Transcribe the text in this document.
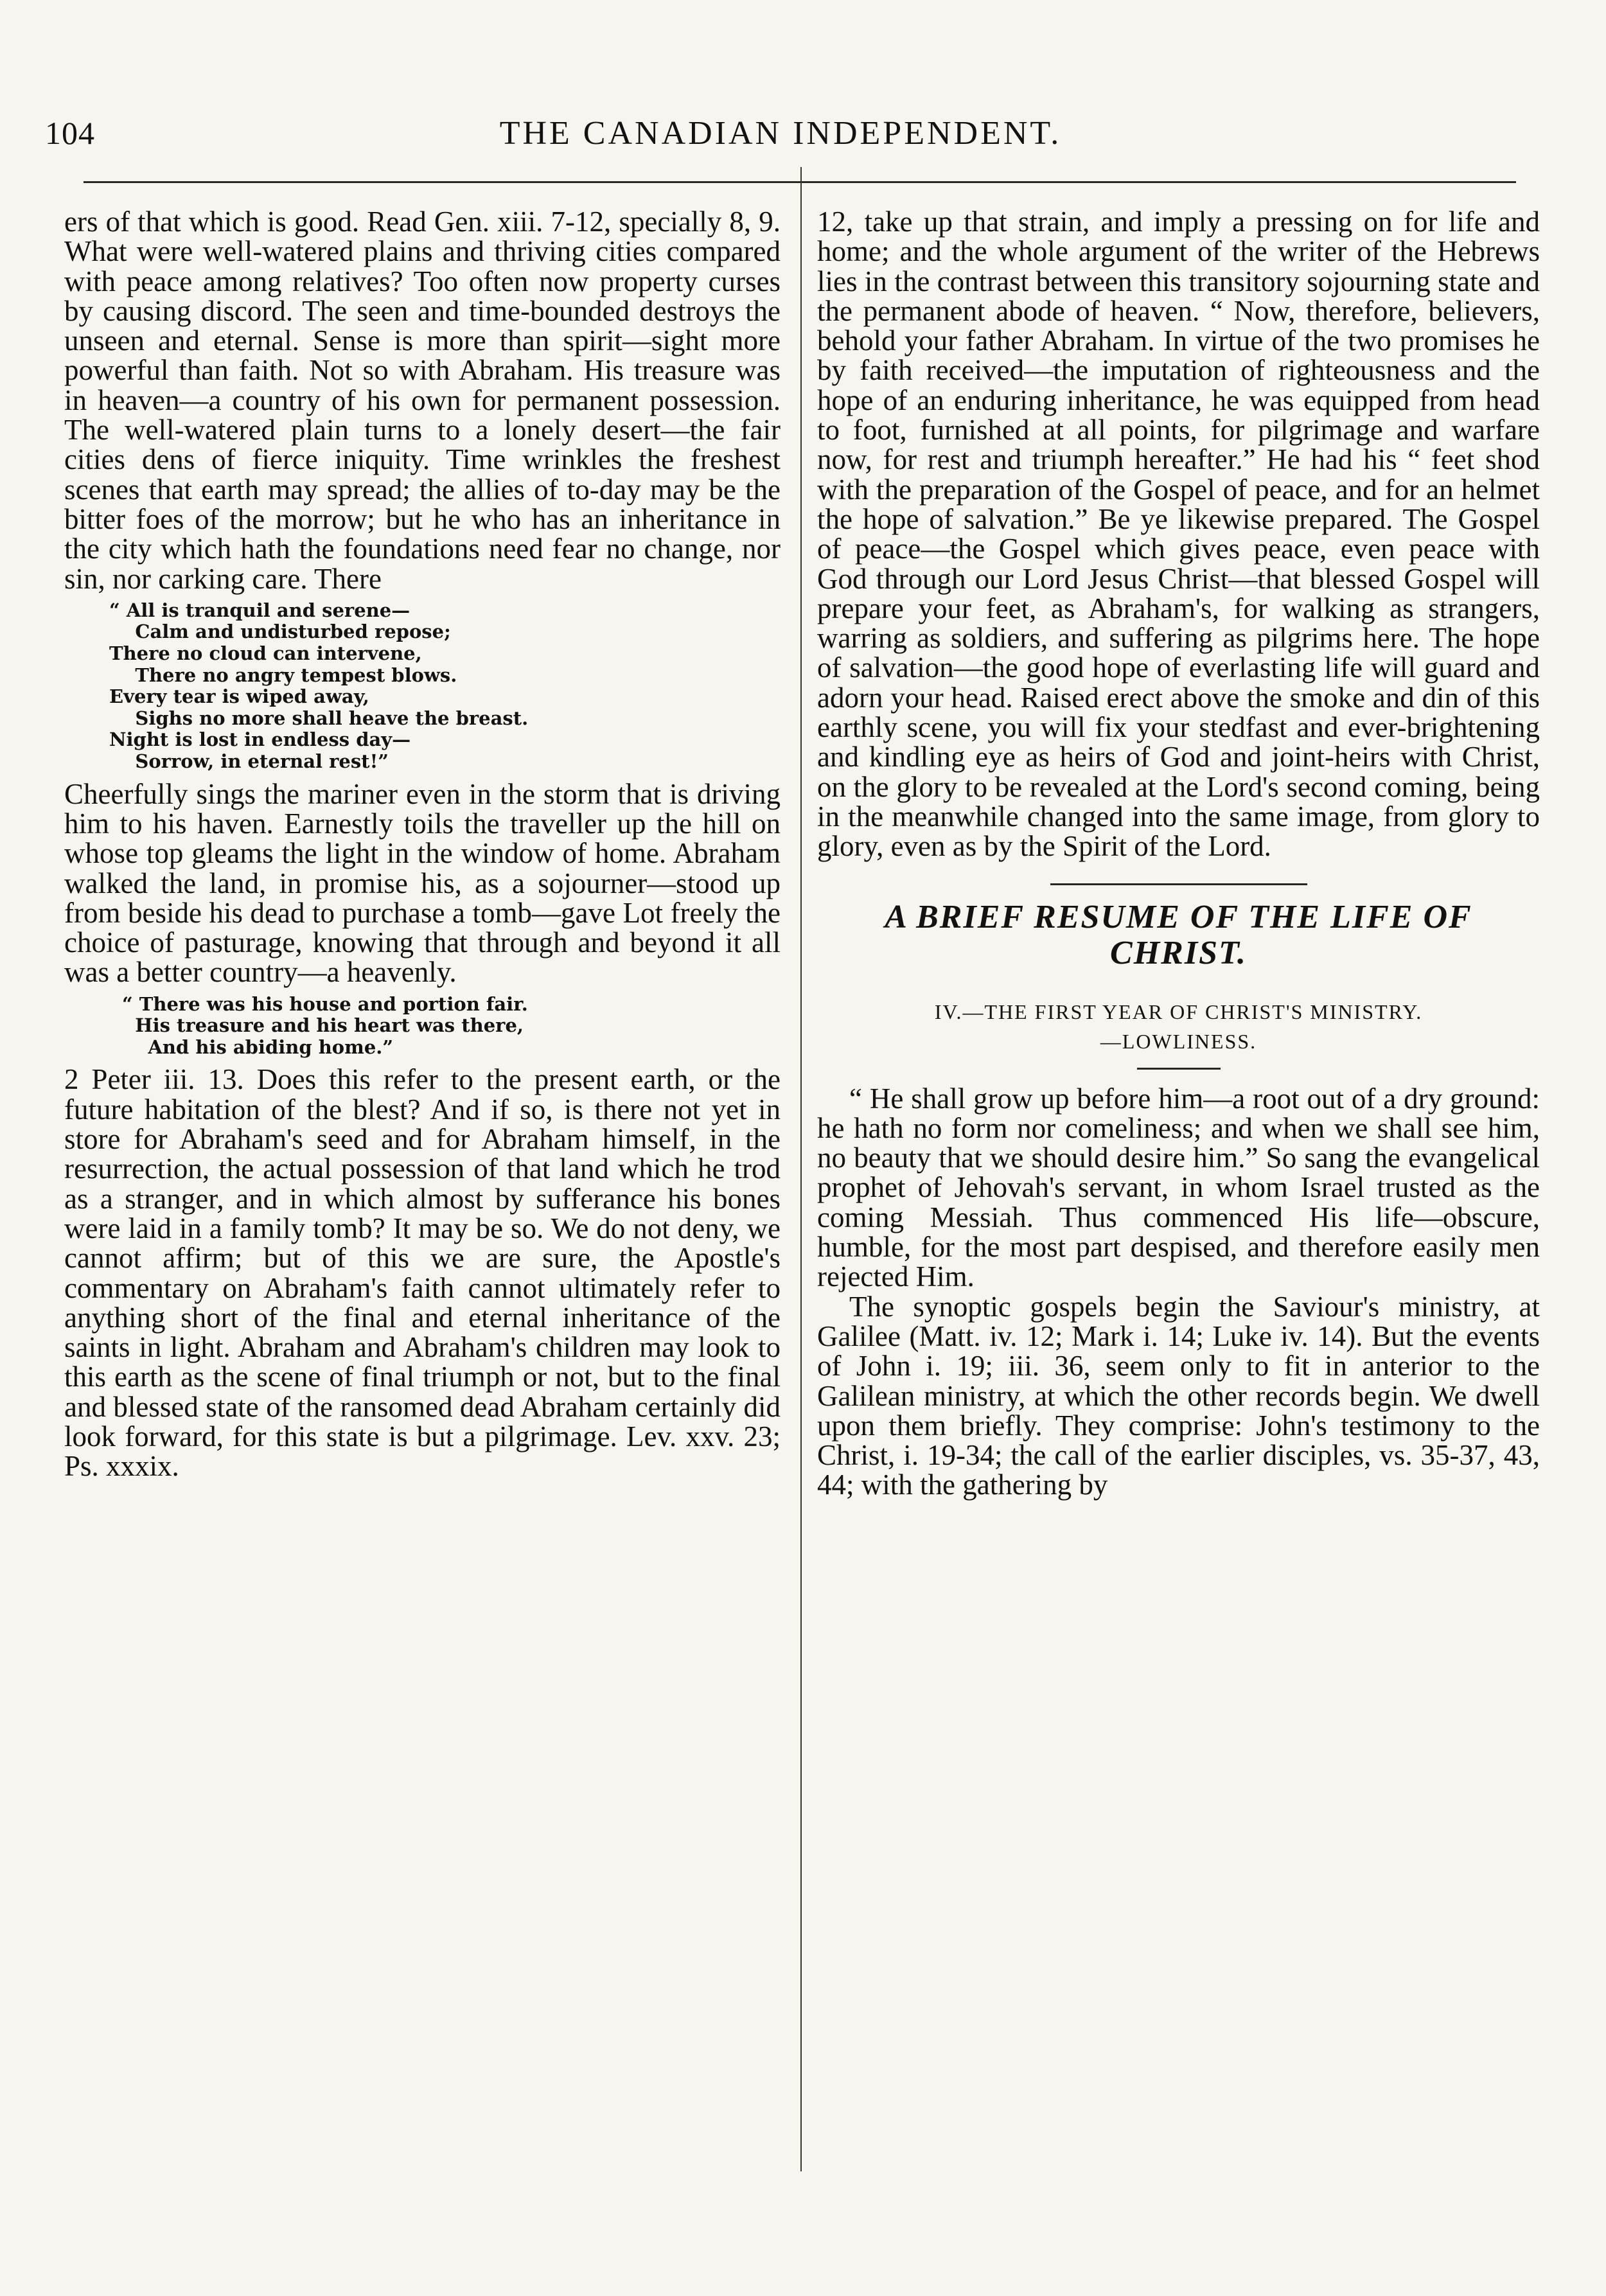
104	THE CANADIAN INDEPENDENT.

ers of that which is good. Read Gen. xiii. 7-12, specially 8, 9. What were well-watered plains and thriving cities compared with peace among relatives? Too often now property curses by causing discord. The seen and time-bounded destroys the unseen and eternal. Sense is more than spirit—sight more powerful than faith. Not so with Abraham. His treasure was in heaven—a country of his own for permanent possession. The well-watered plain turns to a lonely desert—the fair cities dens of fierce iniquity. Time wrinkles the freshest scenes that earth may spread; the allies of to-day may be the bitter foes of the morrow; but he who has an inheritance in the city which hath the foundations need fear no change, nor sin, nor carking care. There

“ All is tranquil and serene—
Calm and undisturbed repose;
There no cloud can intervene,
There no angry tempest blows.
Every tear is wiped away,
Sighs no more shall heave the breast.
Night is lost in endless day—
Sorrow, in eternal rest!”

Cheerfully sings the mariner even in the storm that is driving him to his haven. Earnestly toils the traveller up the hill on whose top gleams the light in the window of home. Abraham walked the land, in promise his, as a sojourner—stood up from beside his dead to purchase a tomb—gave Lot freely the choice of pasturage, knowing that through and beyond it all was a better country—a heavenly.

“ There was his house and portion fair.
His treasure and his heart was there,
And his abiding home.”

2 Peter iii. 13. Does this refer to the present earth, or the future habitation of the blest? And if so, is there not yet in store for Abraham's seed and for Abraham himself, in the resurrection, the actual possession of that land which he trod as a stranger, and in which almost by sufferance his bones were laid in a family tomb? It may be so. We do not deny, we cannot affirm; but of this we are sure, the Apostle's commentary on Abraham's faith cannot ultimately refer to anything short of the final and eternal inheritance of the saints in light. Abraham and Abraham's children may look to this earth as the scene of final triumph or not, but to the final and blessed state of the ransomed dead Abraham certainly did look forward, for this state is but a pilgrimage. Lev. xxv. 23; Ps. xxxix.

12, take up that strain, and imply a pressing on for life and home; and the whole argument of the writer of the Hebrews lies in the contrast between this transitory sojourning state and the permanent abode of heaven. “ Now, therefore, believers, behold your father Abraham. In virtue of the two promises he by faith received—the imputation of righteousness and the hope of an enduring inheritance, he was equipped from head to foot, furnished at all points, for pilgrimage and warfare now, for rest and triumph hereafter.” He had his “ feet shod with the preparation of the Gospel of peace, and for an helmet the hope of salvation.” Be ye likewise prepared. The Gospel of peace—the Gospel which gives peace, even peace with God through our Lord Jesus Christ—that blessed Gospel will prepare your feet, as Abraham's, for walking as strangers, warring as soldiers, and suffering as pilgrims here. The hope of salvation—the good hope of everlasting life will guard and adorn your head. Raised erect above the smoke and din of this earthly scene, you will fix your stedfast and ever-brightening and kindling eye as heirs of God and joint-heirs with Christ, on the glory to be revealed at the Lord's second coming, being in the meanwhile changed into the same image, from glory to glory, even as by the Spirit of the Lord.

A BRIEF RESUME OF THE LIFE OF CHRIST.
IV.—THE FIRST YEAR OF CHRIST'S MINISTRY.
—LOWLINESS.

“ He shall grow up before him—a root out of a dry ground: he hath no form nor comeliness; and when we shall see him, no beauty that we should desire him.” So sang the evangelical prophet of Jehovah's servant, in whom Israel trusted as the coming Messiah. Thus commenced His life—obscure, humble, for the most part despised, and therefore easily men rejected Him.

The synoptic gospels begin the Saviour's ministry, at Galilee (Matt. iv. 12; Mark i. 14; Luke iv. 14). But the events of John i. 19; iii. 36, seem only to fit in anterior to the Galilean ministry, at which the other records begin. We dwell upon them briefly. They comprise: John's testimony to the Christ, i. 19-34; the call of the earlier disciples, vs. 35-37, 43, 44; with the gathering by
